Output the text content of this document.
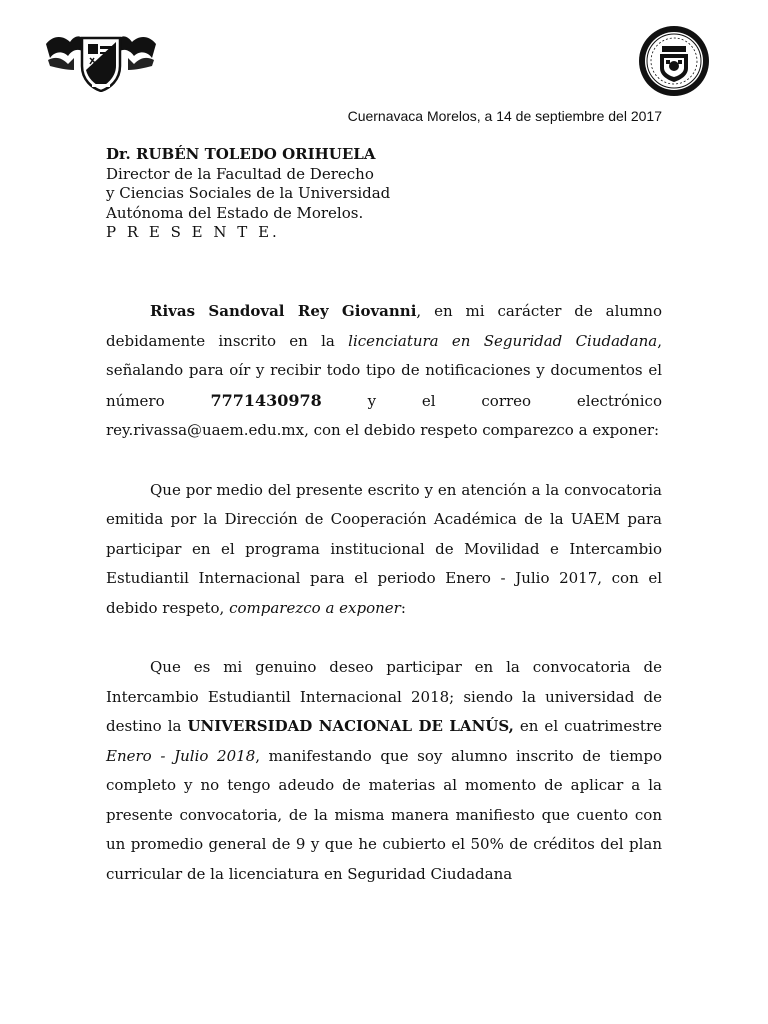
Cuernavaca Morelos, a 14 de septiembre del 2017
Dr. RUBÉN TOLEDO ORIHUELA
Director de la Facultad de Derecho
y Ciencias Sociales de la Universidad
Autónoma del Estado de Morelos.
P R E S E N T E.

Rivas Sandoval Rey Giovanni, en mi carácter de alumno debidamente inscrito en la licenciatura en Seguridad Ciudadana, señalando para oír y recibir todo tipo de notificaciones y documentos el número 7771430978 y el correo electrónico rey.rivassa@uaem.edu.mx, con el debido respeto comparezco a exponer:

Que por medio del presente escrito y en atención a la convocatoria emitida por la Dirección de Cooperación Académica de la UAEM para participar en el programa institucional de Movilidad e Intercambio Estudiantil Internacional para el periodo Enero - Julio 2017, con el debido respeto, comparezco a exponer:

Que es mi genuino deseo participar en la convocatoria de Intercambio Estudiantil Internacional 2018; siendo la universidad de destino la UNIVERSIDAD NACIONAL DE LANÚS, en el cuatrimestre Enero - Julio 2018, manifestando que soy alumno inscrito de tiempo completo y no tengo adeudo de materias al momento de aplicar a la presente convocatoria, de la misma manera manifiesto que cuento con un promedio general de 9 y que he cubierto el 50% de créditos del plan curricular de la licenciatura en Seguridad Ciudadana
